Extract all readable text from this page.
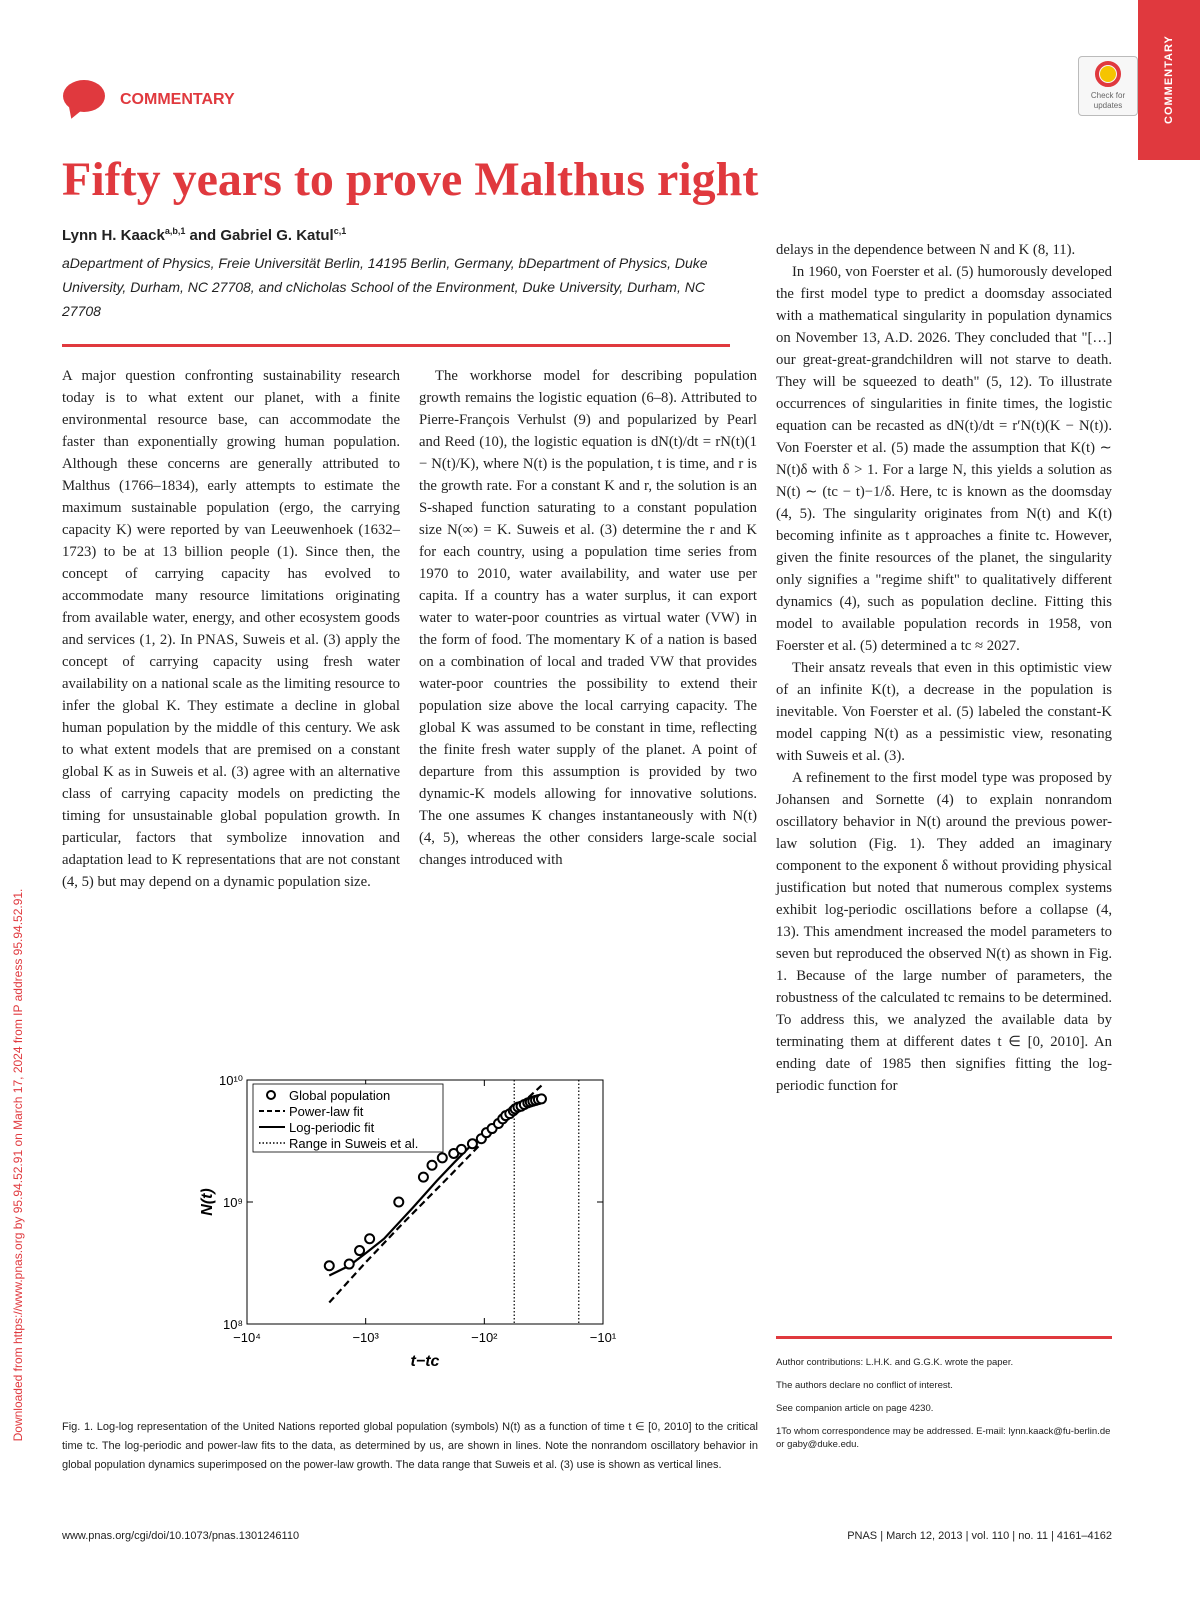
COMMENTARY
Check for updates
COMMENTARY
Fifty years to prove Malthus right
Lynn H. Kaack$^{a,b,1}$ and Gabriel G. Katul$^{c,1}$
aDepartment of Physics, Freie Universität Berlin, 14195 Berlin, Germany, bDepartment of Physics, Duke University, Durham, NC 27708, and cNicholas School of the Environment, Duke University, Durham, NC 27708

A major question confronting sustainability research today is to what extent our planet, with a finite environmental resource base, can accommodate the faster than exponentially growing human population. Although these concerns are generally attributed to Malthus (1766–1834), early attempts to estimate the maximum sustainable population (ergo, the carrying capacity K) were reported by van Leeuwenhoek (1632–1723) to be at 13 billion people (1). Since then, the concept of carrying capacity has evolved to accommodate many resource limitations originating from available water, energy, and other ecosystem goods and services (1, 2). In PNAS, Suweis et al. (3) apply the concept of carrying capacity using fresh water availability on a national scale as the limiting resource to infer the global K. They estimate a decline in global human population by the middle of this century. We ask to what extent models that are premised on a constant global K as in Suweis et al. (3) agree with an alternative class of carrying capacity models on predicting the timing for unsustainable global population growth. In particular, factors that symbolize innovation and adaptation lead to K representations that are not constant (4, 5) but may depend on a dynamic population size.

The workhorse model for describing population growth remains the logistic equation (6–8). Attributed to Pierre-François Verhulst (9) and popularized by Pearl and Reed (10), the logistic equation is dN(t)/dt = rN(t)(1 − N(t)/K), where N(t) is the population, t is time, and r is the growth rate. For a constant K and r, the solution is an S-shaped function saturating to a constant population size N(∞) = K. Suweis et al. (3) determine the r and K for each country, using a population time series from 1970 to 2010, water availability, and water use per capita. If a country has a water surplus, it can export water to water-poor countries as virtual water (VW) in the form of food. The momentary K of a nation is based on a combination of local and traded VW that provides water-poor countries the possibility to extend their population size above the local carrying capacity. The global K was assumed to be constant in time, reflecting the finite fresh water supply of the planet. A point of departure from this assumption is provided by two dynamic-K models allowing for innovative solutions. The one assumes K changes instantaneously with N(t) (4, 5), whereas the other considers large-scale social changes introduced with

delays in the dependence between N and K (8, 11).

In 1960, von Foerster et al. (5) humorously developed the first model type to predict a doomsday associated with a mathematical singularity in population dynamics on November 13, A.D. 2026. They concluded that "[…] our great-great-grandchildren will not starve to death. They will be squeezed to death" (5, 12). To illustrate occurrences of singularities in finite times, the logistic equation can be recasted as dN(t)/dt = r′N(t)(K − N(t)). Von Foerster et al. (5) made the assumption that K(t) ∼ N(t)δ with δ > 1. For a large N, this yields a solution as N(t) ∼ (tc − t)−1/δ. Here, tc is known as the doomsday (4, 5). The singularity originates from N(t) and K(t) becoming infinite as t approaches a finite tc. However, given the finite resources of the planet, the singularity only signifies a "regime shift" to qualitatively different dynamics (4), such as population decline. Fitting this model to available population records in 1958, von Foerster et al. (5) determined a tc ≈ 2027.

Their ansatz reveals that even in this optimistic view of an infinite K(t), a decrease in the population is inevitable. Von Foerster et al. (5) labeled the constant-K model capping N(t) as a pessimistic view, resonating with Suweis et al. (3).

A refinement to the first model type was proposed by Johansen and Sornette (4) to explain nonrandom oscillatory behavior in N(t) around the previous power-law solution (Fig. 1). They added an imaginary component to the exponent δ without providing physical justification but noted that numerous complex systems exhibit log-periodic oscillations before a collapse (4, 13). This amendment increased the model parameters to seven but reproduced the observed N(t) as shown in Fig. 1. Because of the large number of parameters, the robustness of the calculated tc remains to be determined. To address this, we analyzed the available data by terminating them at different dates t ∈ [0, 2010]. An ending date of 1985 then signifies fitting the log-periodic function for

Author contributions: L.H.K. and G.G.K. wrote the paper.

The authors declare no conflict of interest.

See companion article on page 4230.

1To whom correspondence may be addressed. E-mail: lynn.kaack@fu-berlin.de or gaby@duke.edu.

−10⁴	−10³	−10²	−10¹
10⁸
10⁹
10¹⁰
t−tc
N(t)
Global population
Power-law fit
Log-periodic fit
Range in Suweis et al.
Fig. 1. Log-log representation of the United Nations reported global population (symbols) N(t) as a function of time t ∈ [0, 2010] to the critical time tc. The log-periodic and power-law fits to the data, as determined by us, are shown in lines. Note the nonrandom oscillatory behavior in global population dynamics superimposed on the power-law growth. The data range that Suweis et al. (3) use is shown as vertical lines.
Downloaded from https://www.pnas.org by 95.94.52.91 on March 17, 2024 from IP address 95.94.52.91.
www.pnas.org/cgi/doi/10.1073/pnas.1301246110	PNAS | March 12, 2013 | vol. 110 | no. 11 | 4161–4162
